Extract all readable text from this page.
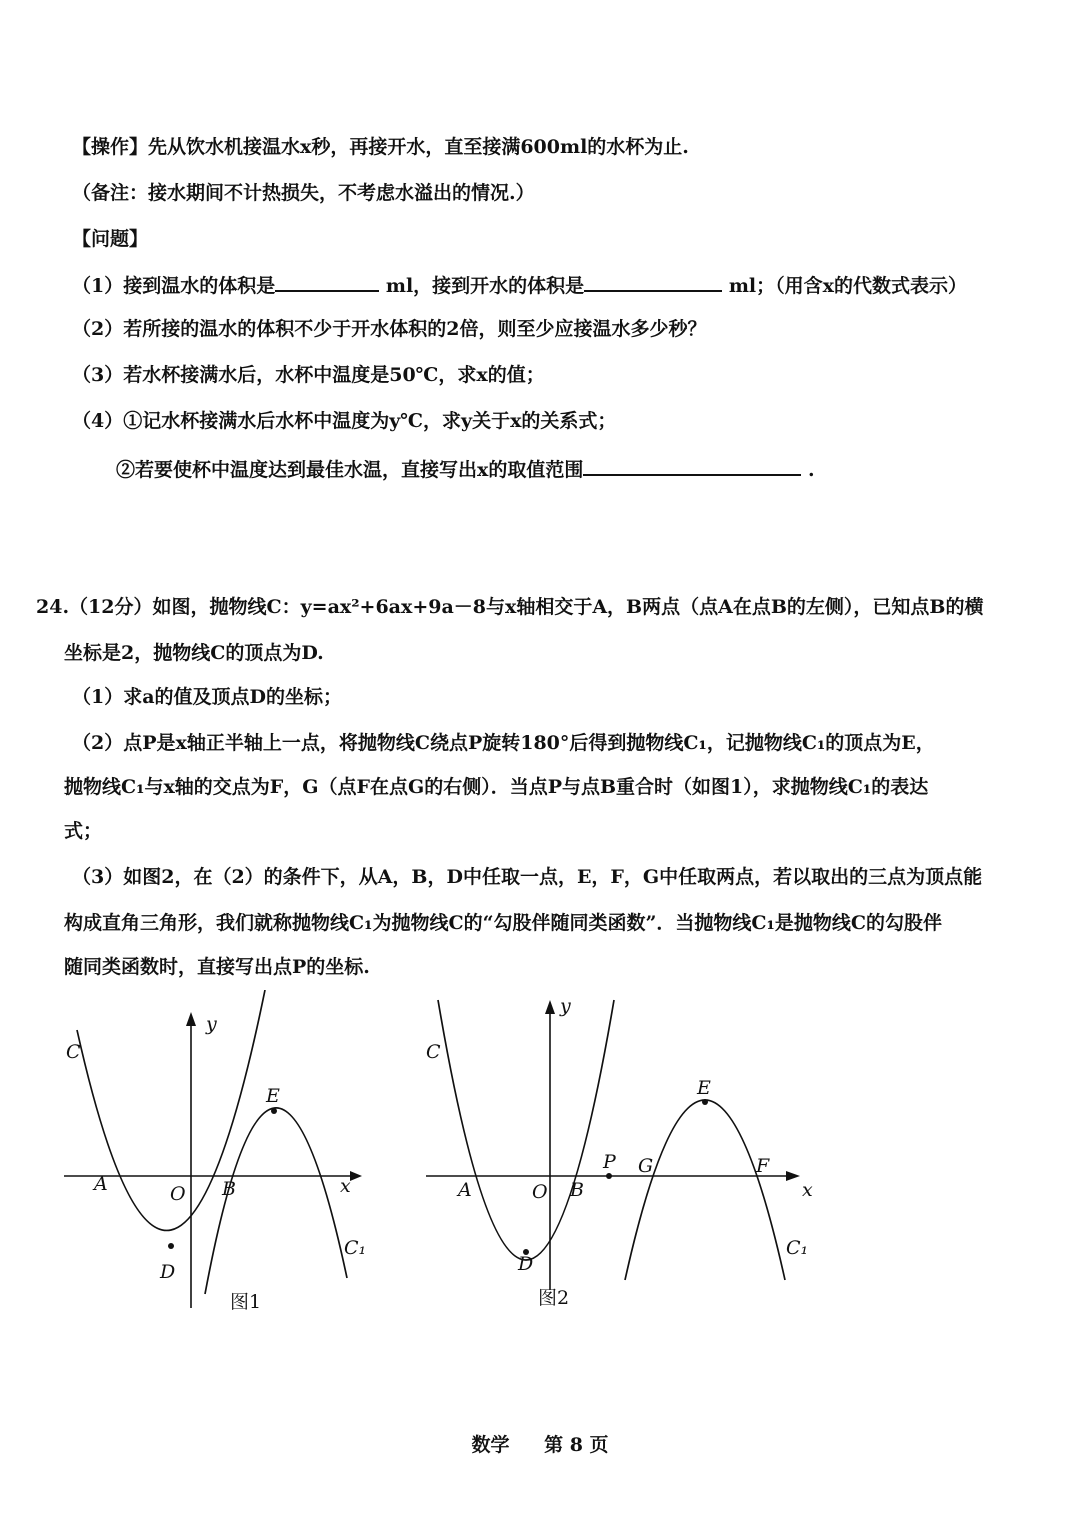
【操作】先从饮水机接温水x秒，再接开水，直至接满600ml的水杯为止.
（备注：接水期间不计热损失，不考虑水溢出的情况.）
【问题】
（1）接到温水的体积是	ml，接到开水的体积是	ml；（用含x的代数式表示）
（2）若所接的温水的体积不少于开水体积的2倍，则至少应接温水多少秒？
（3）若水杯接满水后，水杯中温度是50℃，求x的值；
（4）①记水杯接满水后水杯中温度为y℃，求y关于x的关系式；
②若要使杯中温度达到最佳水温，直接写出x的取值范围	.
24.（12分）如图，抛物线C：y=ax²+6ax+9a－8与x轴相交于A，B两点（点A在点B的左侧），已知点B的横
坐标是2，抛物线C的顶点为D.
（1）求a的值及顶点D的坐标；
（2）点P是x轴正半轴上一点，将抛物线C绕点P旋转180°后得到抛物线C₁，记抛物线C₁的顶点为E，
抛物线C₁与x轴的交点为F，G（点F在点G的右侧）．当点P与点B重合时（如图1），求抛物线C₁的表达
式；
（3）如图2，在（2）的条件下，从A，B，D中任取一点，E，F，G中任取两点，若以取出的三点为顶点能
构成直角三角形，我们就称抛物线C₁为抛物线C的“勾股伴随同类函数”．当抛物线C₁是抛物线C的勾股伴
随同类函数时，直接写出点P的坐标.
C
y
E
A	O B	x
D
C₁
图1
C
y
E
P G	F
A	O B	x
D
C₁
图2
数学 第 8 页
